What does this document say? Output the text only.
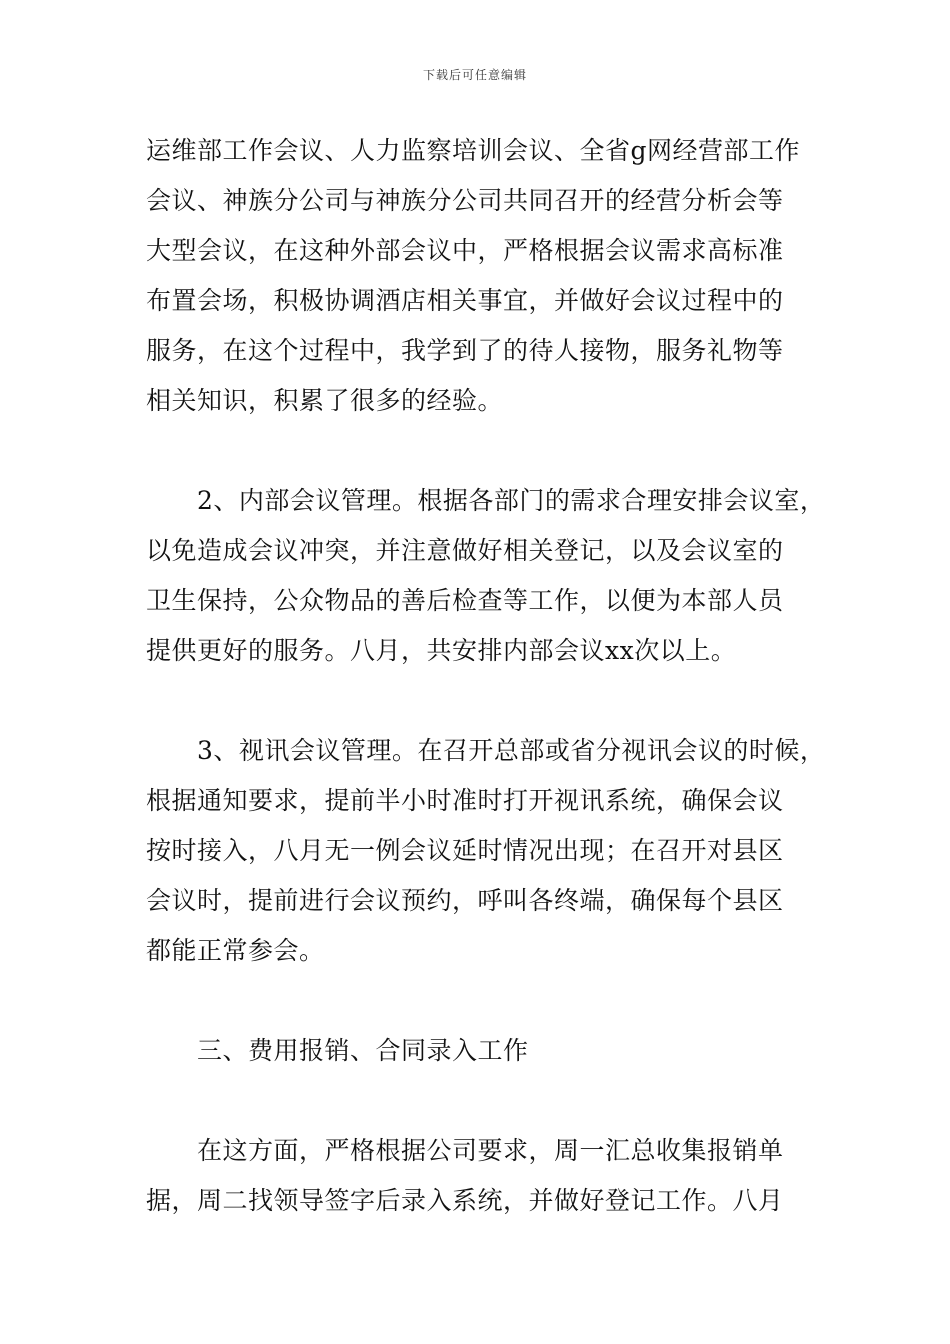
下载后可任意编辑

运维部工作会议、人力监察培训会议、全省g网经营部工作
会议、神族分公司与神族分公司共同召开的经营分析会等
大型会议，在这种外部会议中，严格根据会议需求高标准
布置会场，积极协调酒店相关事宜，并做好会议过程中的
服务，在这个过程中，我学到了的待人接物，服务礼物等
相关知识，积累了很多的经验。

2、内部会议管理。根据各部门的需求合理安排会议室，
以免造成会议冲突，并注意做好相关登记，以及会议室的
卫生保持，公众物品的善后检查等工作，以便为本部人员
提供更好的服务。八月，共安排内部会议xx次以上。

3、视讯会议管理。在召开总部或省分视讯会议的时候，
根据通知要求，提前半小时准时打开视讯系统，确保会议
按时接入，八月无一例会议延时情况出现；在召开对县区
会议时，提前进行会议预约，呼叫各终端，确保每个县区
都能正常参会。

三、费用报销、合同录入工作

在这方面，严格根据公司要求，周一汇总收集报销单
据，周二找领导签字后录入系统，并做好登记工作。八月
